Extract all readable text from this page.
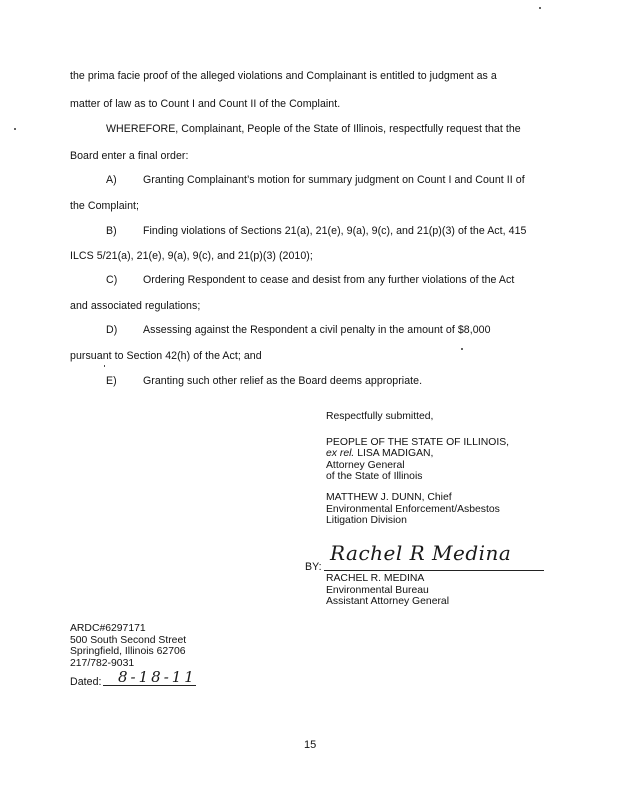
the prima facie proof of the alleged violations and Complainant is entitled to judgment as a
matter of law as to Count I and Count II of the Complaint.
WHEREFORE, Complainant, People of the State of Illinois, respectfully request that the
Board enter a final order:
A) Granting Complainant’s motion for summary judgment on Count I and Count II of
the Complaint;
B) Finding violations of Sections 21(a), 21(e), 9(a), 9(c), and 21(p)(3) of the Act, 415
ILCS 5/21(a), 21(e), 9(a), 9(c), and 21(p)(3) (2010);
C) Ordering Respondent to cease and desist from any further violations of the Act
and associated regulations;
D) Assessing against the Respondent a civil penalty in the amount of $8,000
pursuant to Section 42(h) of the Act; and
E) Granting such other relief as the Board deems appropriate.
Respectfully submitted,
PEOPLE OF THE STATE OF ILLINOIS,
ex rel. LISA MADIGAN,
Attorney General
of the State of Illinois
MATTHEW J. DUNN, Chief
Environmental Enforcement/Asbestos
Litigation Division
BY:
Rachel R Medina
RACHEL R. MEDINA
Environmental Bureau
Assistant Attorney General
ARDC#6297171
500 South Second Street
Springfield, Illinois 62706
217/782-9031
Dated: 8-18-11
15
